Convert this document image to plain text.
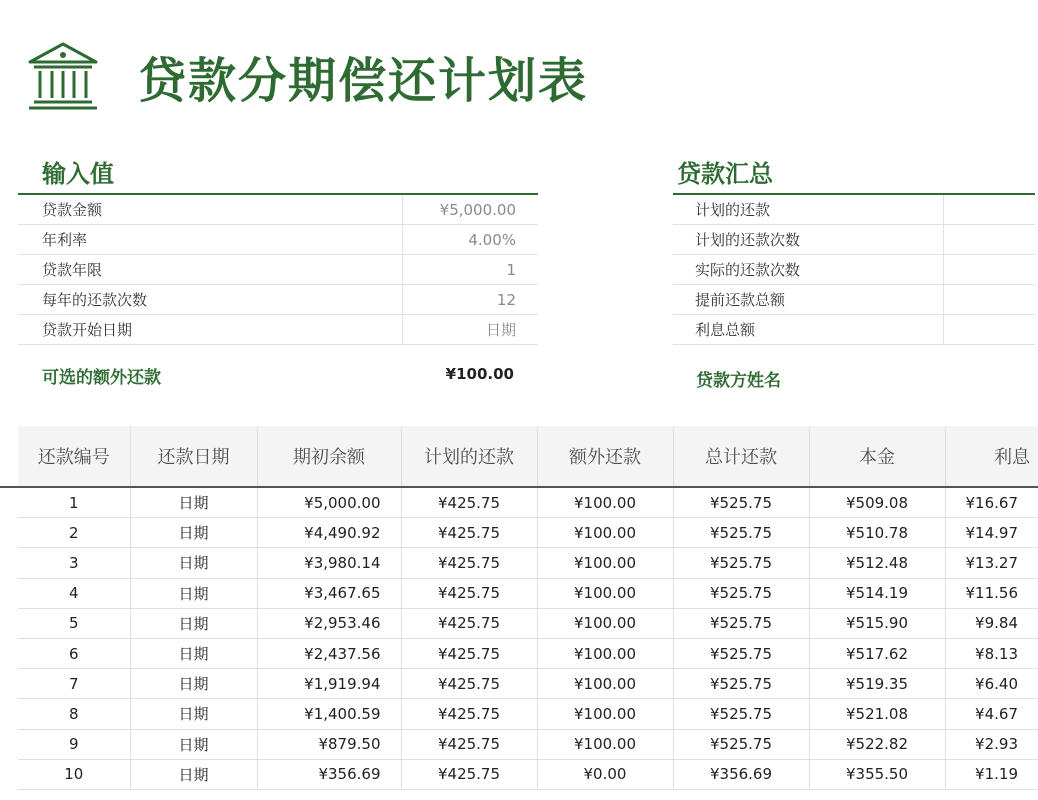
贷款分期偿还计划表
输入值
贷款金额	¥5,000.00
年利率	4.00%
贷款年限	1
每年的还款次数	12
贷款开始日期	日期
可选的额外还款	¥100.00
贷款汇总
计划的还款	
计划的还款次数	
实际的还款次数	
提前还款总额	
利息总额	
贷款方姓名
还款编号	还款日期	期初余额	计划的还款	额外还款	总计还款	本金	利息
1	日期	¥5,000.00	¥425.75	¥100.00	¥525.75	¥509.08	¥16.67
2	日期	¥4,490.92	¥425.75	¥100.00	¥525.75	¥510.78	¥14.97
3	日期	¥3,980.14	¥425.75	¥100.00	¥525.75	¥512.48	¥13.27
4	日期	¥3,467.65	¥425.75	¥100.00	¥525.75	¥514.19	¥11.56
5	日期	¥2,953.46	¥425.75	¥100.00	¥525.75	¥515.90	¥9.84
6	日期	¥2,437.56	¥425.75	¥100.00	¥525.75	¥517.62	¥8.13
7	日期	¥1,919.94	¥425.75	¥100.00	¥525.75	¥519.35	¥6.40
8	日期	¥1,400.59	¥425.75	¥100.00	¥525.75	¥521.08	¥4.67
9	日期	¥879.50	¥425.75	¥100.00	¥525.75	¥522.82	¥2.93
10	日期	¥356.69	¥425.75	¥0.00	¥356.69	¥355.50	¥1.19
